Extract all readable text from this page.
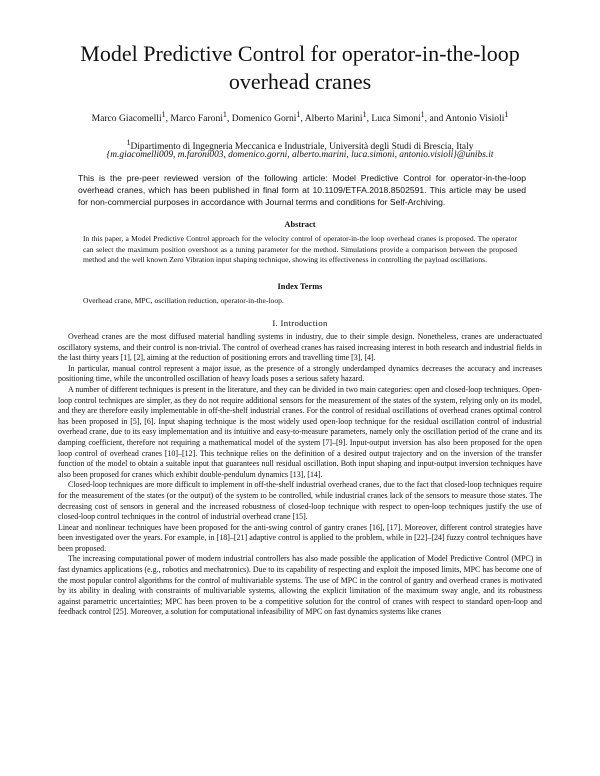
Model Predictive Control for operator-in-the-loop overhead cranes
Marco Giacomelli$^1$, Marco Faroni$^1$, Domenico Gorni$^1$, Alberto Marini$^1$, Luca Simoni$^1$, and Antonio Visioli$^1$
$^1$Dipartimento di Ingegneria Meccanica e Industriale, Università degli Studi di Brescia, Italy
{m.giacomelli009, m.faroni003, domenico.gorni, alberto.marini, luca.simoni, antonio.visioli}@unibs.it
This is the pre-peer reviewed version of the following article: Model Predictive Control for operator-in-the-loop overhead cranes, which has been published in final form at 10.1109/ETFA.2018.8502591. This article may be used for non-commercial purposes in accordance with Journal terms and conditions for Self-Archiving.
Abstract
In this paper, a Model Predictive Control approach for the velocity control of operator-in-the loop overhead cranes is proposed. The operator can select the maximum position overshoot as a tuning parameter for the method. Simulations provide a comparison between the proposed method and the well known Zero Vibration input shaping technique, showing its effectiveness in controlling the payload oscillations.
Index Terms
Overhead crane, MPC, oscillation reduction, operator-in-the-loop.
I. Introduction

Overhead cranes are the most diffused material handling systems in industry, due to their simple design. Nonetheless, cranes are underactuated oscillatory systems, and their control is non-trivial. The control of overhead cranes has raised increasing interest in both research and industrial fields in the last thirty years [1], [2], aiming at the reduction of positioning errors and travelling time [3], [4].

In particular, manual control represent a major issue, as the presence of a strongly underdamped dynamics decreases the accuracy and increases positioning time, while the uncontrolled oscillation of heavy loads poses a serious safety hazard.

A number of different techniques is present in the literature, and they can be divided in two main categories: open and closed-loop techniques. Open-loop control techniques are simpler, as they do not require additional sensors for the measurement of the states of the system, relying only on its model, and they are therefore easily implementable in off-the-shelf industrial cranes. For the control of residual oscillations of overhead cranes optimal control has been proposed in [5], [6]. Input shaping technique is the most widely used open-loop technique for the residual oscillation control of industrial overhead crane, due to its easy implementation and its intuitive and easy-to-measure parameters, namely only the oscillation period of the crane and its damping coefficient, therefore not requiring a mathematical model of the system [7]–[9]. Input-output inversion has also been proposed for the open loop control of overhead cranes [10]–[12]. This technique relies on the definition of a desired output trajectory and on the inversion of the transfer function of the model to obtain a suitable input that guarantees null residual oscillation. Both input shaping and input-output inversion techniques have also been proposed for cranes which exhibit double-pendulum dynamics [13], [14].

Closed-loop techniques are more difficult to implement in off-the-shelf industrial overhead cranes, due to the fact that closed-loop techniques require for the measurement of the states (or the output) of the system to be controlled, while industrial cranes lack of the sensors to measure those states. The decreasing cost of sensors in general and the increased robustness of closed-loop technique with respect to open-loop techniques justify the use of closed-loop control techniques in the control of industrial overhead crane [15].

Linear and nonlinear techniques have been proposed for the anti-swing control of gantry cranes [16], [17]. Moreover, different control strategies have been investigated over the years. For example, in [18]–[21] adaptive control is applied to the problem, while in [22]–[24] fuzzy control techniques have been proposed.

The increasing computational power of modern industrial controllers has also made possible the application of Model Predictive Control (MPC) in fast dynamics applications (e.g., robotics and mechatronics). Due to its capability of respecting and exploit the imposed limits, MPC has become one of the most popular control algorithms for the control of multivariable systems. The use of MPC in the control of gantry and overhead cranes is motivated by its ability in dealing with constraints of multivariable systems, allowing the explicit limitation of the maximum sway angle, and its robustness against parametric uncertainties; MPC has been proven to be a competitive solution for the control of cranes with respect to standard open-loop and feedback control [25]. Moreover, a solution for computational infeasibility of MPC on fast dynamics systems like cranes
